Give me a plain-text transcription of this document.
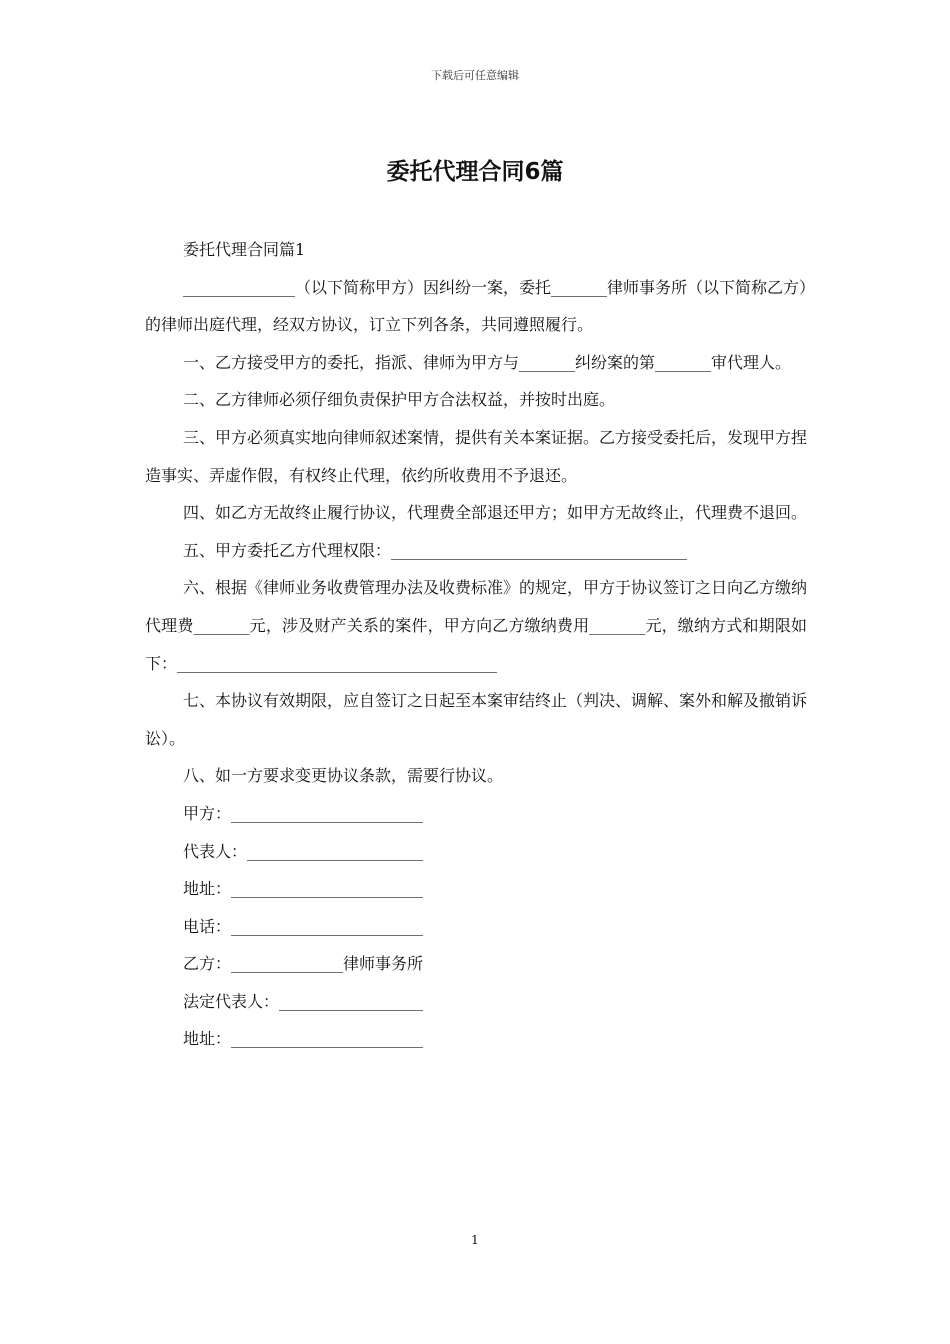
下载后可任意编辑
委托代理合同6篇
委托代理合同篇1
______________（以下简称甲方）因纠纷一案，委托_______律师事务所（以下简称乙方）的律师出庭代理，经双方协议，订立下列各条，共同遵照履行。
一、乙方接受甲方的委托，指派、律师为甲方与_______纠纷案的第_______审代理人。
二、乙方律师必须仔细负责保护甲方合法权益，并按时出庭。
三、甲方必须真实地向律师叙述案情，提供有关本案证据。乙方接受委托后，发现甲方捏造事实、弄虚作假，有权终止代理，依约所收费用不予退还。
四、如乙方无故终止履行协议，代理费全部退还甲方；如甲方无故终止，代理费不退回。
五、甲方委托乙方代理权限：_____________________________________
六、根据《律师业务收费管理办法及收费标准》的规定，甲方于协议签订之日向乙方缴纳代理费_______元，涉及财产关系的案件，甲方向乙方缴纳费用_______元，缴纳方式和期限如下：________________________________________
七、本协议有效期限，应自签订之日起至本案审结终止（判决、调解、案外和解及撤销诉讼）。
八、如一方要求变更协议条款，需要行协议。
甲方：________________________
代表人：______________________
地址：________________________
电话：________________________
乙方：______________律师事务所
法定代表人：__________________
地址：________________________
1
